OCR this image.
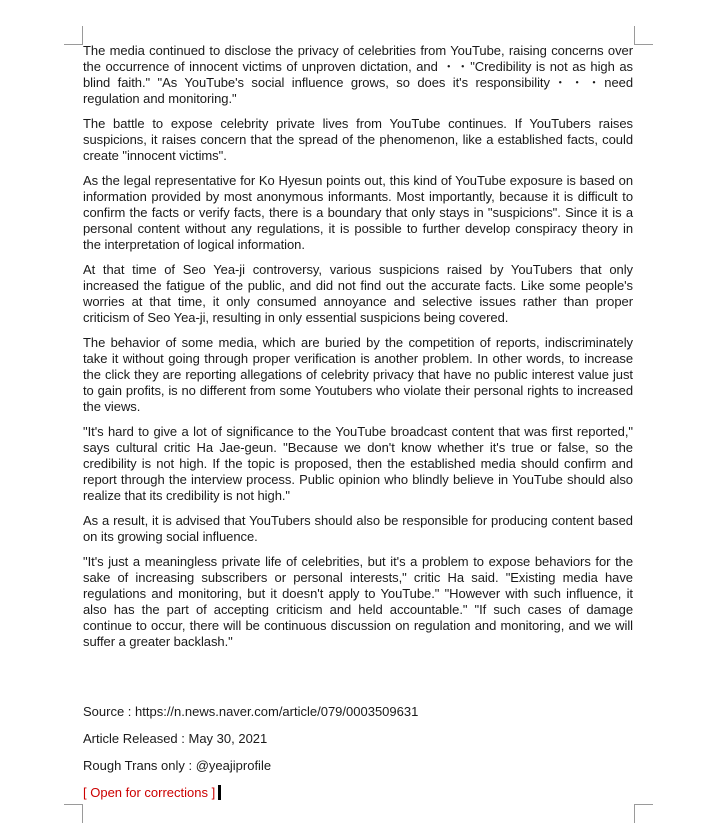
The media continued to disclose the privacy of celebrities from YouTube, raising concerns over the occurrence of innocent victims of unproven dictation, and ・・"Credibility is not as high as blind faith." "As YouTube's social influence grows, so does it's responsibility・・・need regulation and monitoring."

The battle to expose celebrity private lives from YouTube continues. If YouTubers raises suspicions, it raises concern that the spread of the phenomenon, like a established facts, could create "innocent victims".

As the legal representative for Ko Hyesun points out, this kind of YouTube exposure is based on information provided by most anonymous informants. Most importantly, because it is difficult to confirm the facts or verify facts, there is a boundary that only stays in "suspicions". Since it is a personal content without any regulations, it is possible to further develop conspiracy theory in the interpretation of logical information.

At that time of Seo Yea-ji controversy, various suspicions raised by YouTubers that only increased the fatigue of the public, and did not find out the accurate facts. Like some people's worries at that time, it only consumed annoyance and selective issues rather than proper criticism of Seo Yea-ji, resulting in only essential suspicions being covered.

The behavior of some media, which are buried by the competition of reports, indiscriminately take it without going through proper verification is another problem. In other words, to increase the click they are reporting allegations of celebrity privacy that have no public interest value just to gain profits, is no different from some Youtubers who violate their personal rights to increased the views.

"It's hard to give a lot of significance to the YouTube broadcast content that was first reported," says cultural critic Ha Jae-geun. "Because we don't know whether it's true or false, so the credibility is not high. If the topic is proposed, then the established media should confirm and report through the interview process. Public opinion who blindly believe in YouTube should also realize that its credibility is not high."

As a result, it is advised that YouTubers should also be responsible for producing content based on its growing social influence.

"It's just a meaningless private life of celebrities, but it's a problem to expose behaviors for the sake of increasing subscribers or personal interests," critic Ha said. "Existing media have regulations and monitoring, but it doesn't apply to YouTube." "However with such influence, it also has the part of accepting criticism and held accountable." "If such cases of damage continue to occur, there will be continuous discussion on regulation and monitoring, and we will suffer a greater backlash."

Source : https://n.news.naver.com/article/079/0003509631

Article Released : May 30, 2021

Rough Trans only : @yeajiprofile

[ Open for corrections ]
